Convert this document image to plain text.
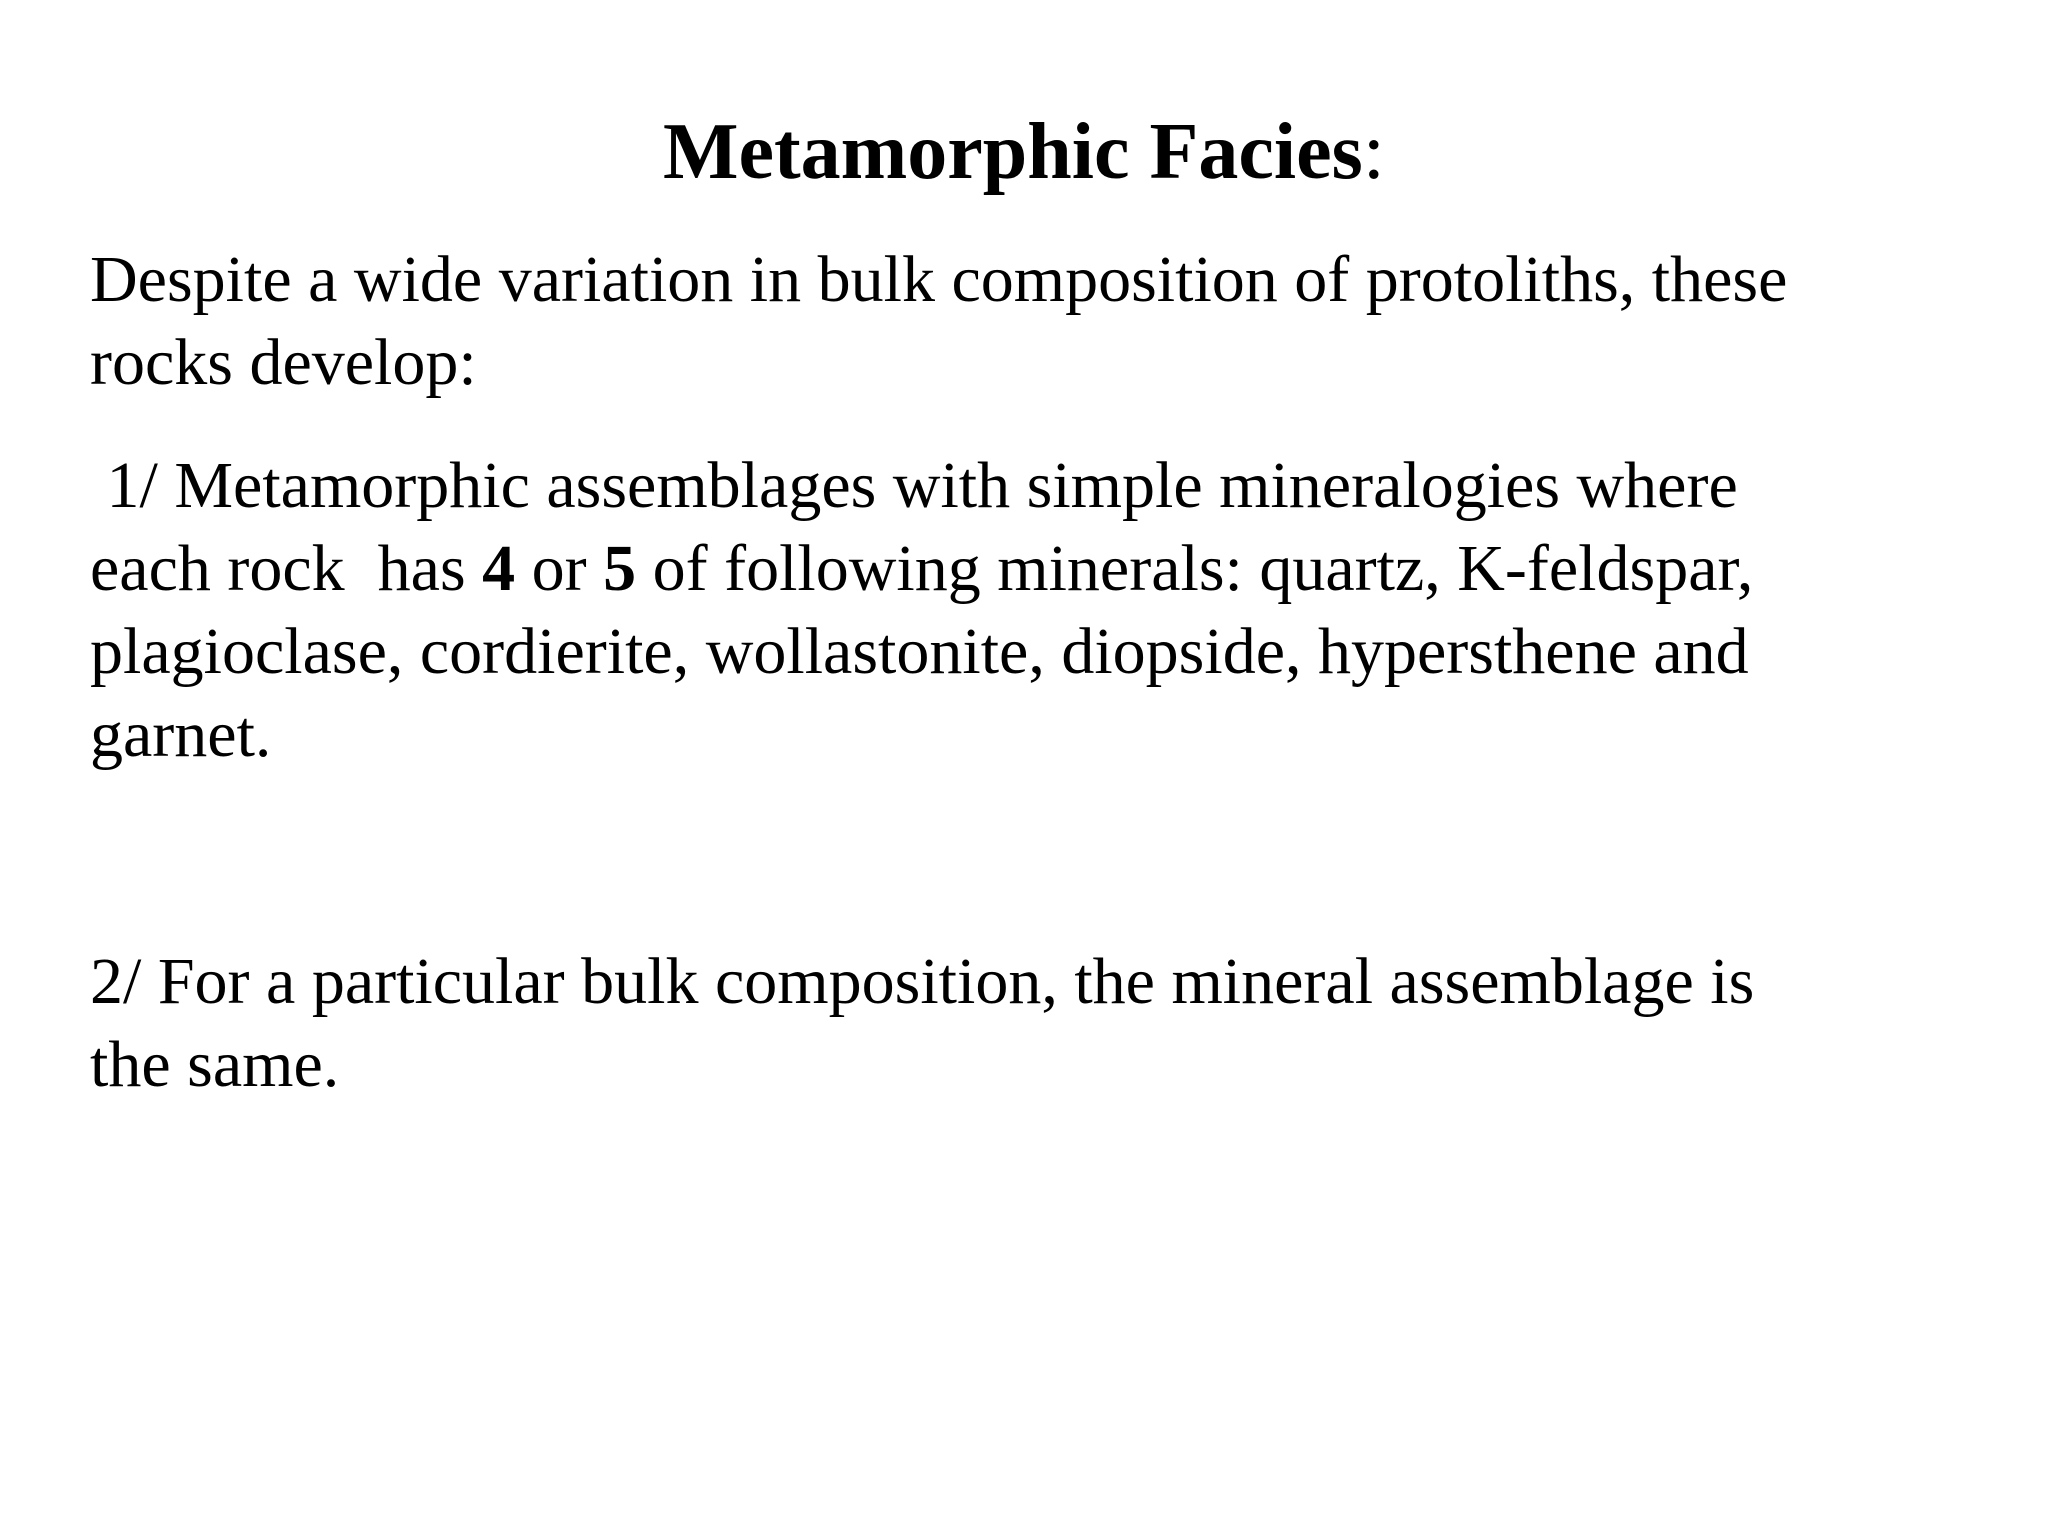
Metamorphic Facies:

Despite a wide variation in bulk composition of protoliths, these
rocks develop:

1/ Metamorphic assemblages with simple mineralogies where
each rock  has 4 or 5 of following minerals: quartz, K-feldspar,
plagioclase, cordierite, wollastonite, diopside, hypersthene and
garnet.

2/ For a particular bulk composition, the mineral assemblage is
the same.
